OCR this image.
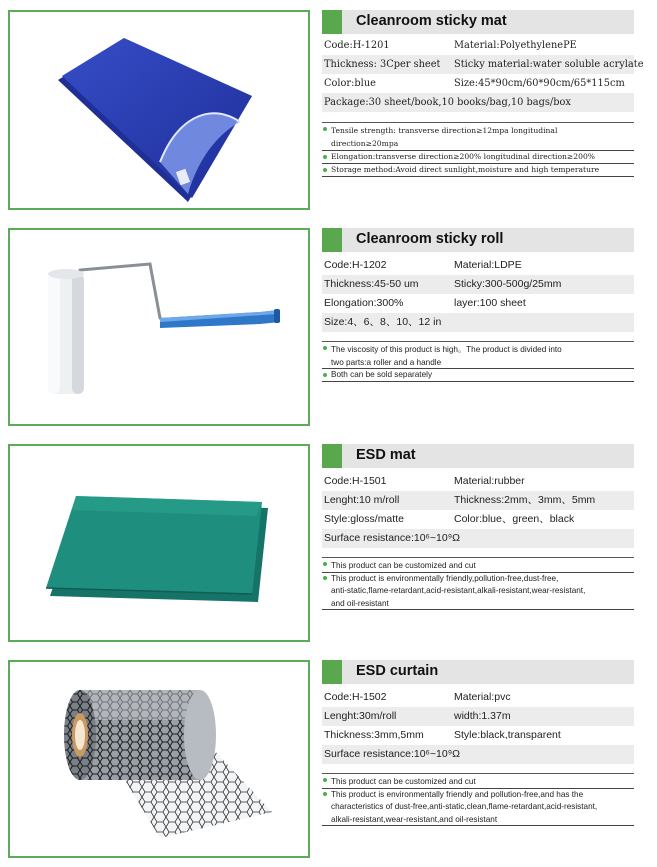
Cleanroom sticky mat
Code:H-1201	Material:PolyethylenePE
Thickness: 3Cper sheet Sticky material:water soluble acrylate
Color:blue	Size:45*90cm/60*90cm/65*115cm
Package:30 sheet/book,10 books/bag,10 bags/box
Tensile strength: transverse direction≥12mpa longitudinal
direction≥20mpa
Elongation:transverse direction≥200% longitudinal direction≥200%
Storage method:Avoid direct sunlight,moisture and high temperature
Cleanroom sticky roll
Code:H-1202	Material:LDPE
Thickness:45-50 um	Sticky:300-500g/25mm
Elongation:300%	layer:100 sheet
Size:4、6、8、10、12 in
The viscosity of this product is high。The product is divided into
two parts:a roller and a handle
Both can be sold separately
ESD mat
Code:H-1501	Material:rubber
Lenght:10 m/roll	Thickness:2mm、3mm、5mm
Style:gloss/matte	Color:blue、green、black
Surface resistance:10⁶~10⁹Ω
This product can be customized and cut
This product is environmentally friendly,pollution-free,dust-free,
anti-static,flame-retardant,acid-resistant,alkali-resistant,wear-resistant,
and oil-resistant
ESD curtain
Code:H-1502	Material:pvc
Lenght:30m/roll	width:1.37m
Thickness:3mm,5mm	Style:black,transparent
Surface resistance:10⁶~10⁹Ω
This product can be customized and cut
This product is environmentally friendly and pollution-free,and has the
characteristics of dust-free,anti-static,clean,flame-retardant,acid-resistant,
alkali-resistant,wear-resistant,and oil-resistant
